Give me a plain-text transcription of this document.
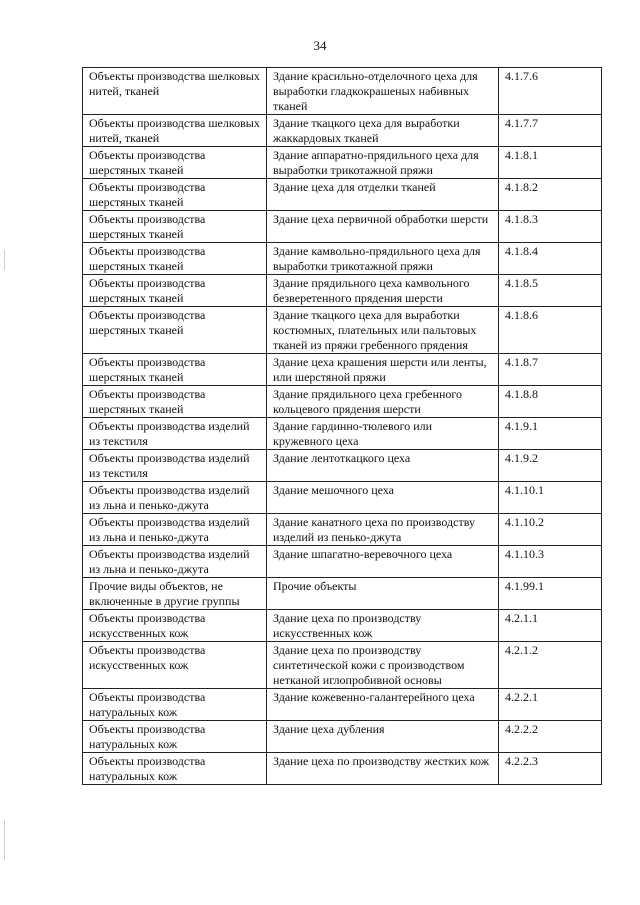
34
Объекты производства шелковых нитей, тканей	Здание красильно-отделочного цеха для выработки гладкокрашеных набивных тканей	4.1.7.6
Объекты производства шелковых нитей, тканей	Здание ткацкого цеха для выработки жаккардовых тканей	4.1.7.7
Объекты производства шерстяных тканей	Здание аппаратно-прядильного цеха для выработки трикотажной пряжи	4.1.8.1
Объекты производства шерстяных тканей	Здание цеха для отделки тканей	4.1.8.2
Объекты производства шерстяных тканей	Здание цеха первичной обработки шерсти	4.1.8.3
Объекты производства шерстяных тканей	Здание камвольно-прядильного цеха для выработки трикотажной пряжи	4.1.8.4
Объекты производства шерстяных тканей	Здание прядильного цеха камвольного безверетенного прядения шерсти	4.1.8.5
Объекты производства шерстяных тканей	Здание ткацкого цеха для выработки костюмных, плательных или пальтовых тканей из пряжи гребенного прядения	4.1.8.6
Объекты производства шерстяных тканей	Здание цеха крашения шерсти или ленты, или шерстяной пряжи	4.1.8.7
Объекты производства шерстяных тканей	Здание прядильного цеха гребенного кольцевого прядения шерсти	4.1.8.8
Объекты производства изделий из текстиля	Здание гардинно-тюлевого или кружевного цеха	4.1.9.1
Объекты производства изделий из текстиля	Здание лентоткацкого цеха	4.1.9.2
Объекты производства изделий из льна и пенько-джута	Здание мешочного цеха	4.1.10.1
Объекты производства изделий из льна и пенько-джута	Здание канатного цеха по производству изделий из пенько-джута	4.1.10.2
Объекты производства изделий из льна и пенько-джута	Здание шпагатно-веревочного цеха	4.1.10.3
Прочие виды объектов, не включенные в другие группы	Прочие объекты	4.1.99.1
Объекты производства искусственных кож	Здание цеха по производству искусственных кож	4.2.1.1
Объекты производства искусственных кож	Здание цеха по производству синтетической кожи с производством нетканой иглопробивной основы	4.2.1.2
Объекты производства натуральных кож	Здание кожевенно-галантерейного цеха	4.2.2.1
Объекты производства натуральных кож	Здание цеха дубления	4.2.2.2
Объекты производства натуральных кож	Здание цеха по производству жестких кож	4.2.2.3
